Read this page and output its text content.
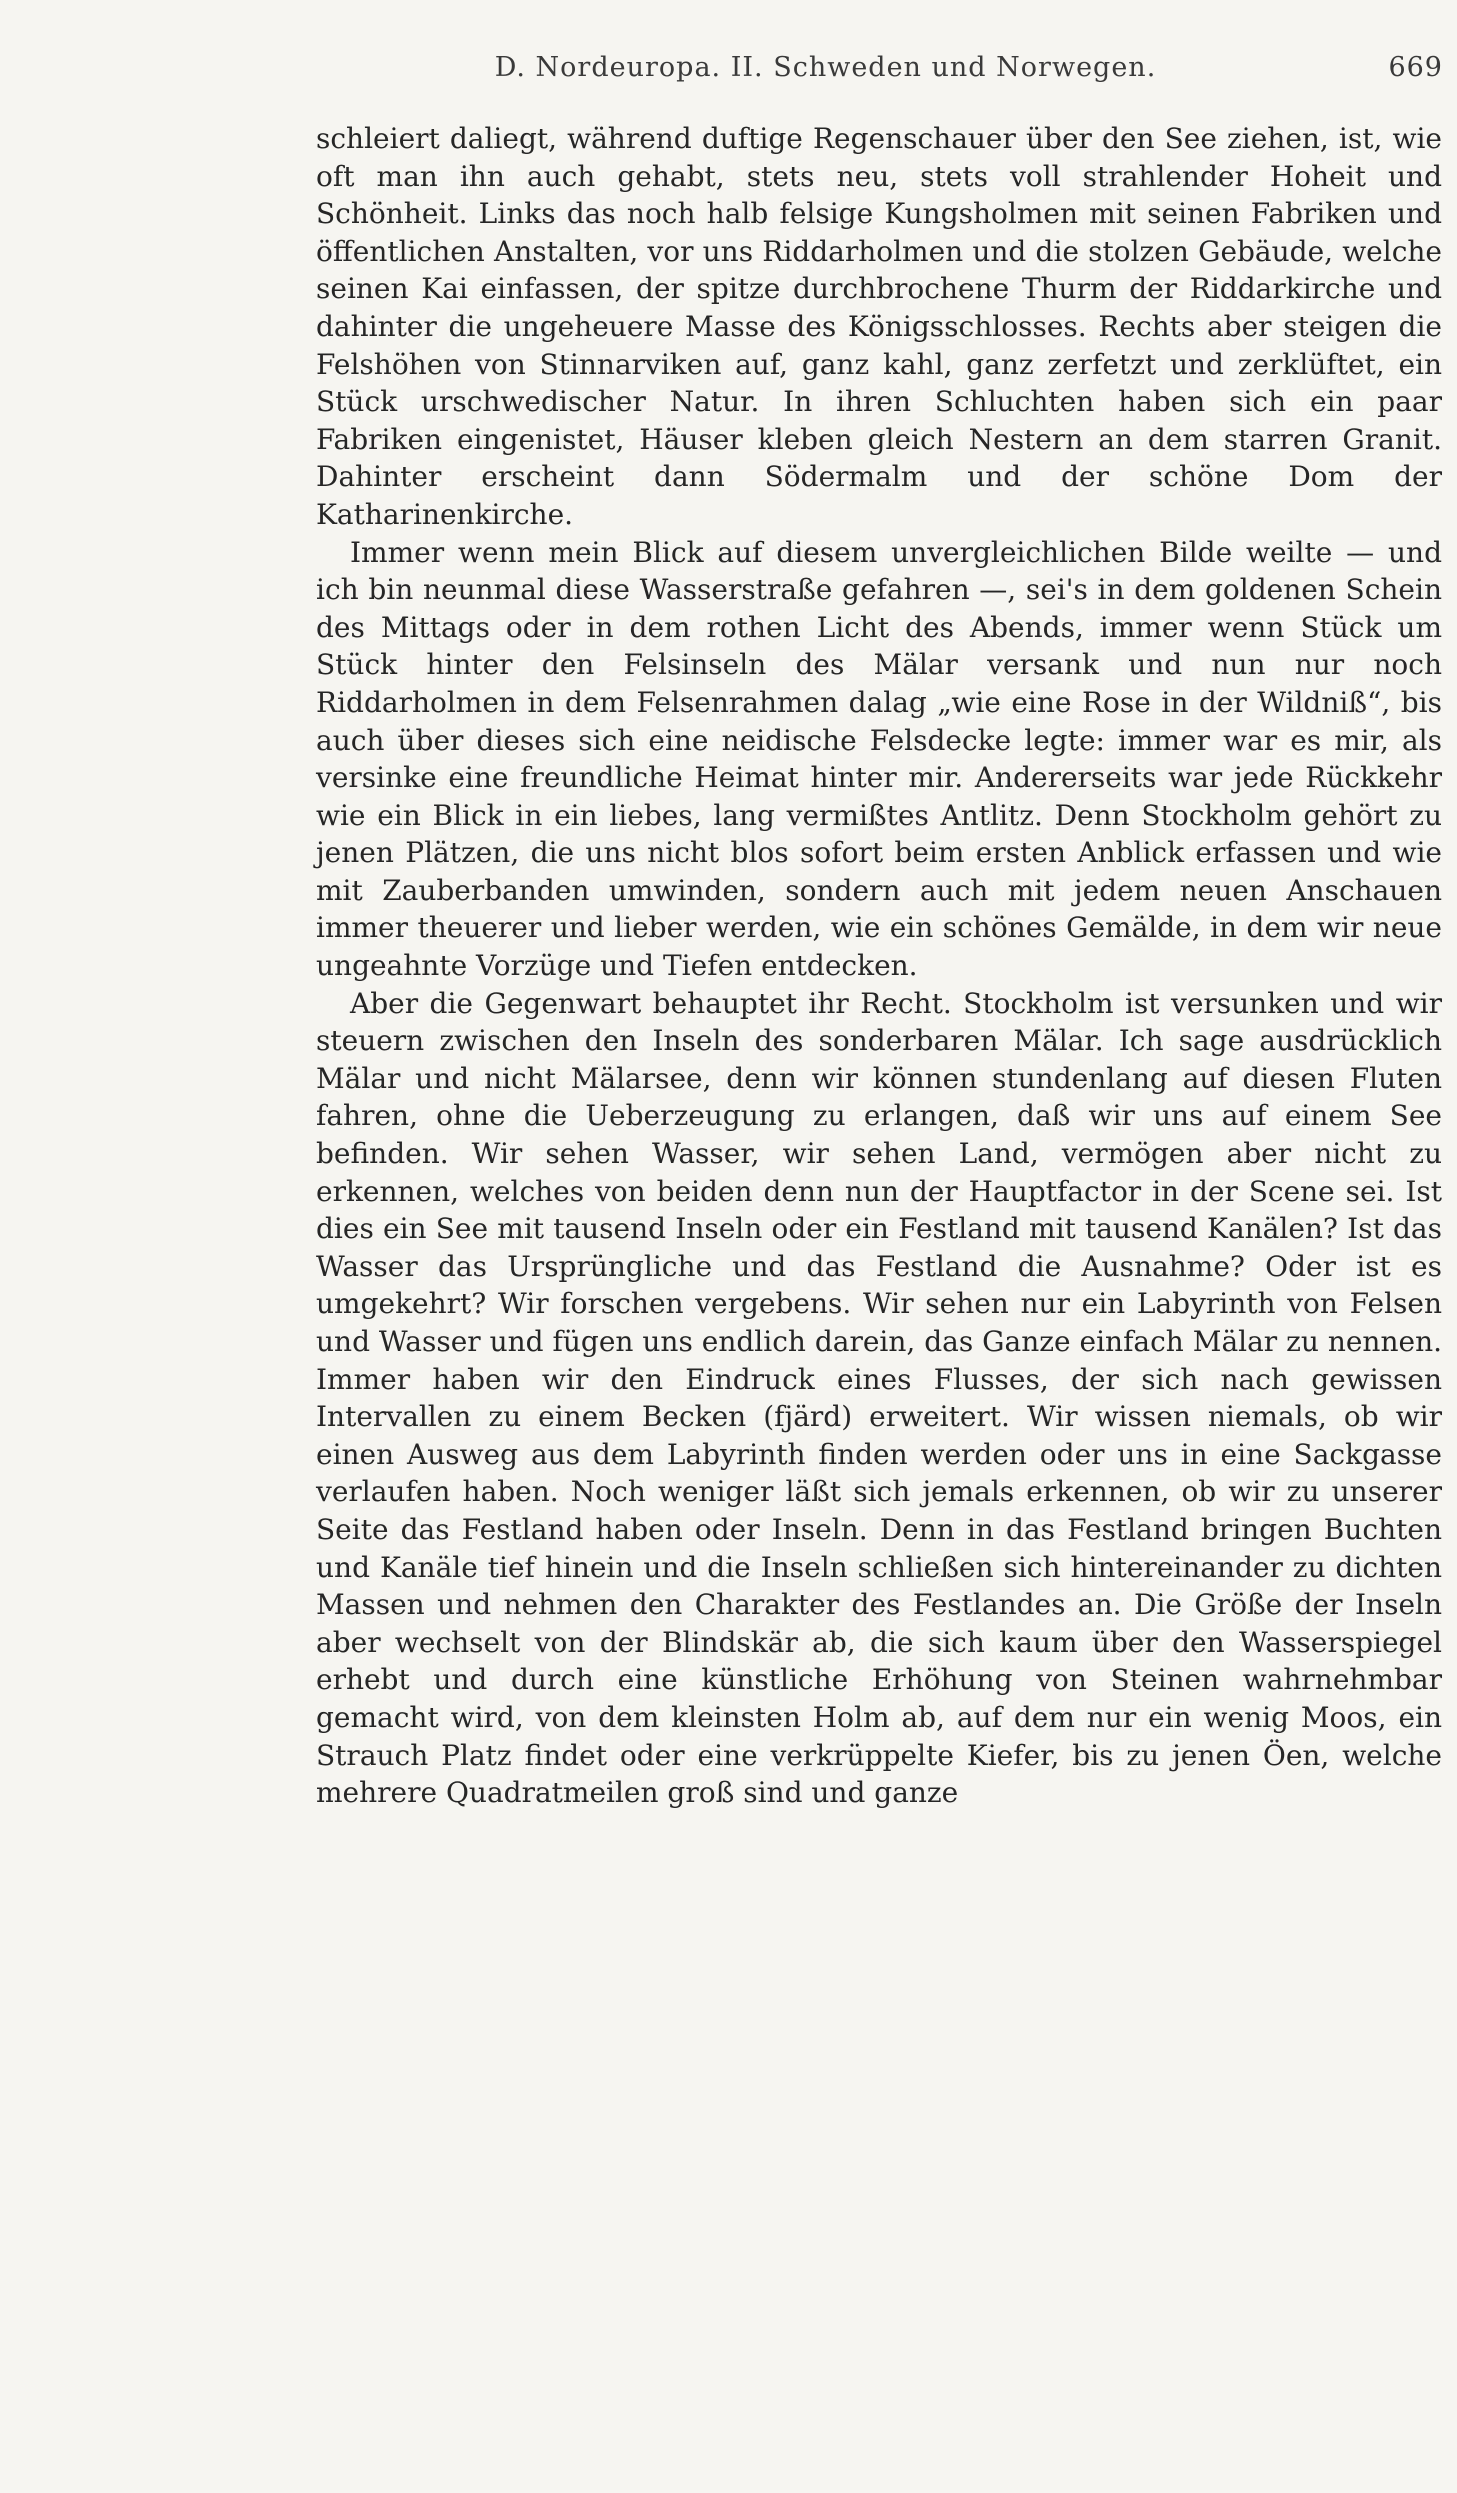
D. Nordeuropa. II. Schweden und Norwegen.	669

schleiert daliegt, während duftige Regenschauer über den See ziehen, ist, wie oft man ihn auch gehabt, stets neu, stets voll strahlender Hoheit und Schönheit. Links das noch halb felsige Kungsholmen mit seinen Fabriken und öffentlichen Anstalten, vor uns Riddarholmen und die stolzen Gebäude, welche seinen Kai einfassen, der spitze durchbrochene Thurm der Riddarkirche und dahinter die ungeheuere Masse des Königsschlosses. Rechts aber steigen die Felshöhen von Stinnarviken auf, ganz kahl, ganz zerfetzt und zerklüftet, ein Stück urschwedischer Natur. In ihren Schluchten haben sich ein paar Fabriken eingenistet, Häuser kleben gleich Nestern an dem starren Granit. Dahinter erscheint dann Södermalm und der schöne Dom der Katharinenkirche.

Immer wenn mein Blick auf diesem unvergleichlichen Bilde weilte — und ich bin neunmal diese Wasserstraße gefahren —, sei's in dem goldenen Schein des Mittags oder in dem rothen Licht des Abends, immer wenn Stück um Stück hinter den Felsinseln des Mälar versank und nun nur noch Riddarholmen in dem Felsenrahmen dalag „wie eine Rose in der Wildniß“, bis auch über dieses sich eine neidische Felsdecke legte: immer war es mir, als versinke eine freundliche Heimat hinter mir. Andererseits war jede Rückkehr wie ein Blick in ein liebes, lang vermißtes Antlitz. Denn Stockholm gehört zu jenen Plätzen, die uns nicht blos sofort beim ersten Anblick erfassen und wie mit Zauberbanden umwinden, sondern auch mit jedem neuen Anschauen immer theuerer und lieber werden, wie ein schönes Gemälde, in dem wir neue ungeahnte Vorzüge und Tiefen entdecken.

Aber die Gegenwart behauptet ihr Recht. Stockholm ist versunken und wir steuern zwischen den Inseln des sonderbaren Mälar. Ich sage ausdrücklich Mälar und nicht Mälarsee, denn wir können stundenlang auf diesen Fluten fahren, ohne die Ueberzeugung zu erlangen, daß wir uns auf einem See befinden. Wir sehen Wasser, wir sehen Land, vermögen aber nicht zu erkennen, welches von beiden denn nun der Hauptfactor in der Scene sei. Ist dies ein See mit tausend Inseln oder ein Festland mit tausend Kanälen? Ist das Wasser das Ursprüngliche und das Festland die Ausnahme? Oder ist es umgekehrt? Wir forschen vergebens. Wir sehen nur ein Labyrinth von Felsen und Wasser und fügen uns endlich darein, das Ganze einfach Mälar zu nennen. Immer haben wir den Eindruck eines Flusses, der sich nach gewissen Intervallen zu einem Becken (fjärd) erweitert. Wir wissen niemals, ob wir einen Ausweg aus dem Labyrinth finden werden oder uns in eine Sackgasse verlaufen haben. Noch weniger läßt sich jemals erkennen, ob wir zu unserer Seite das Festland haben oder Inseln. Denn in das Festland bringen Buchten und Kanäle tief hinein und die Inseln schließen sich hintereinander zu dichten Massen und nehmen den Charakter des Festlandes an. Die Größe der Inseln aber wechselt von der Blindskär ab, die sich kaum über den Wasserspiegel erhebt und durch eine künstliche Erhöhung von Steinen wahrnehmbar gemacht wird, von dem kleinsten Holm ab, auf dem nur ein wenig Moos, ein Strauch Platz findet oder eine verkrüppelte Kiefer, bis zu jenen Öen, welche mehrere Quadratmeilen groß sind und ganze
